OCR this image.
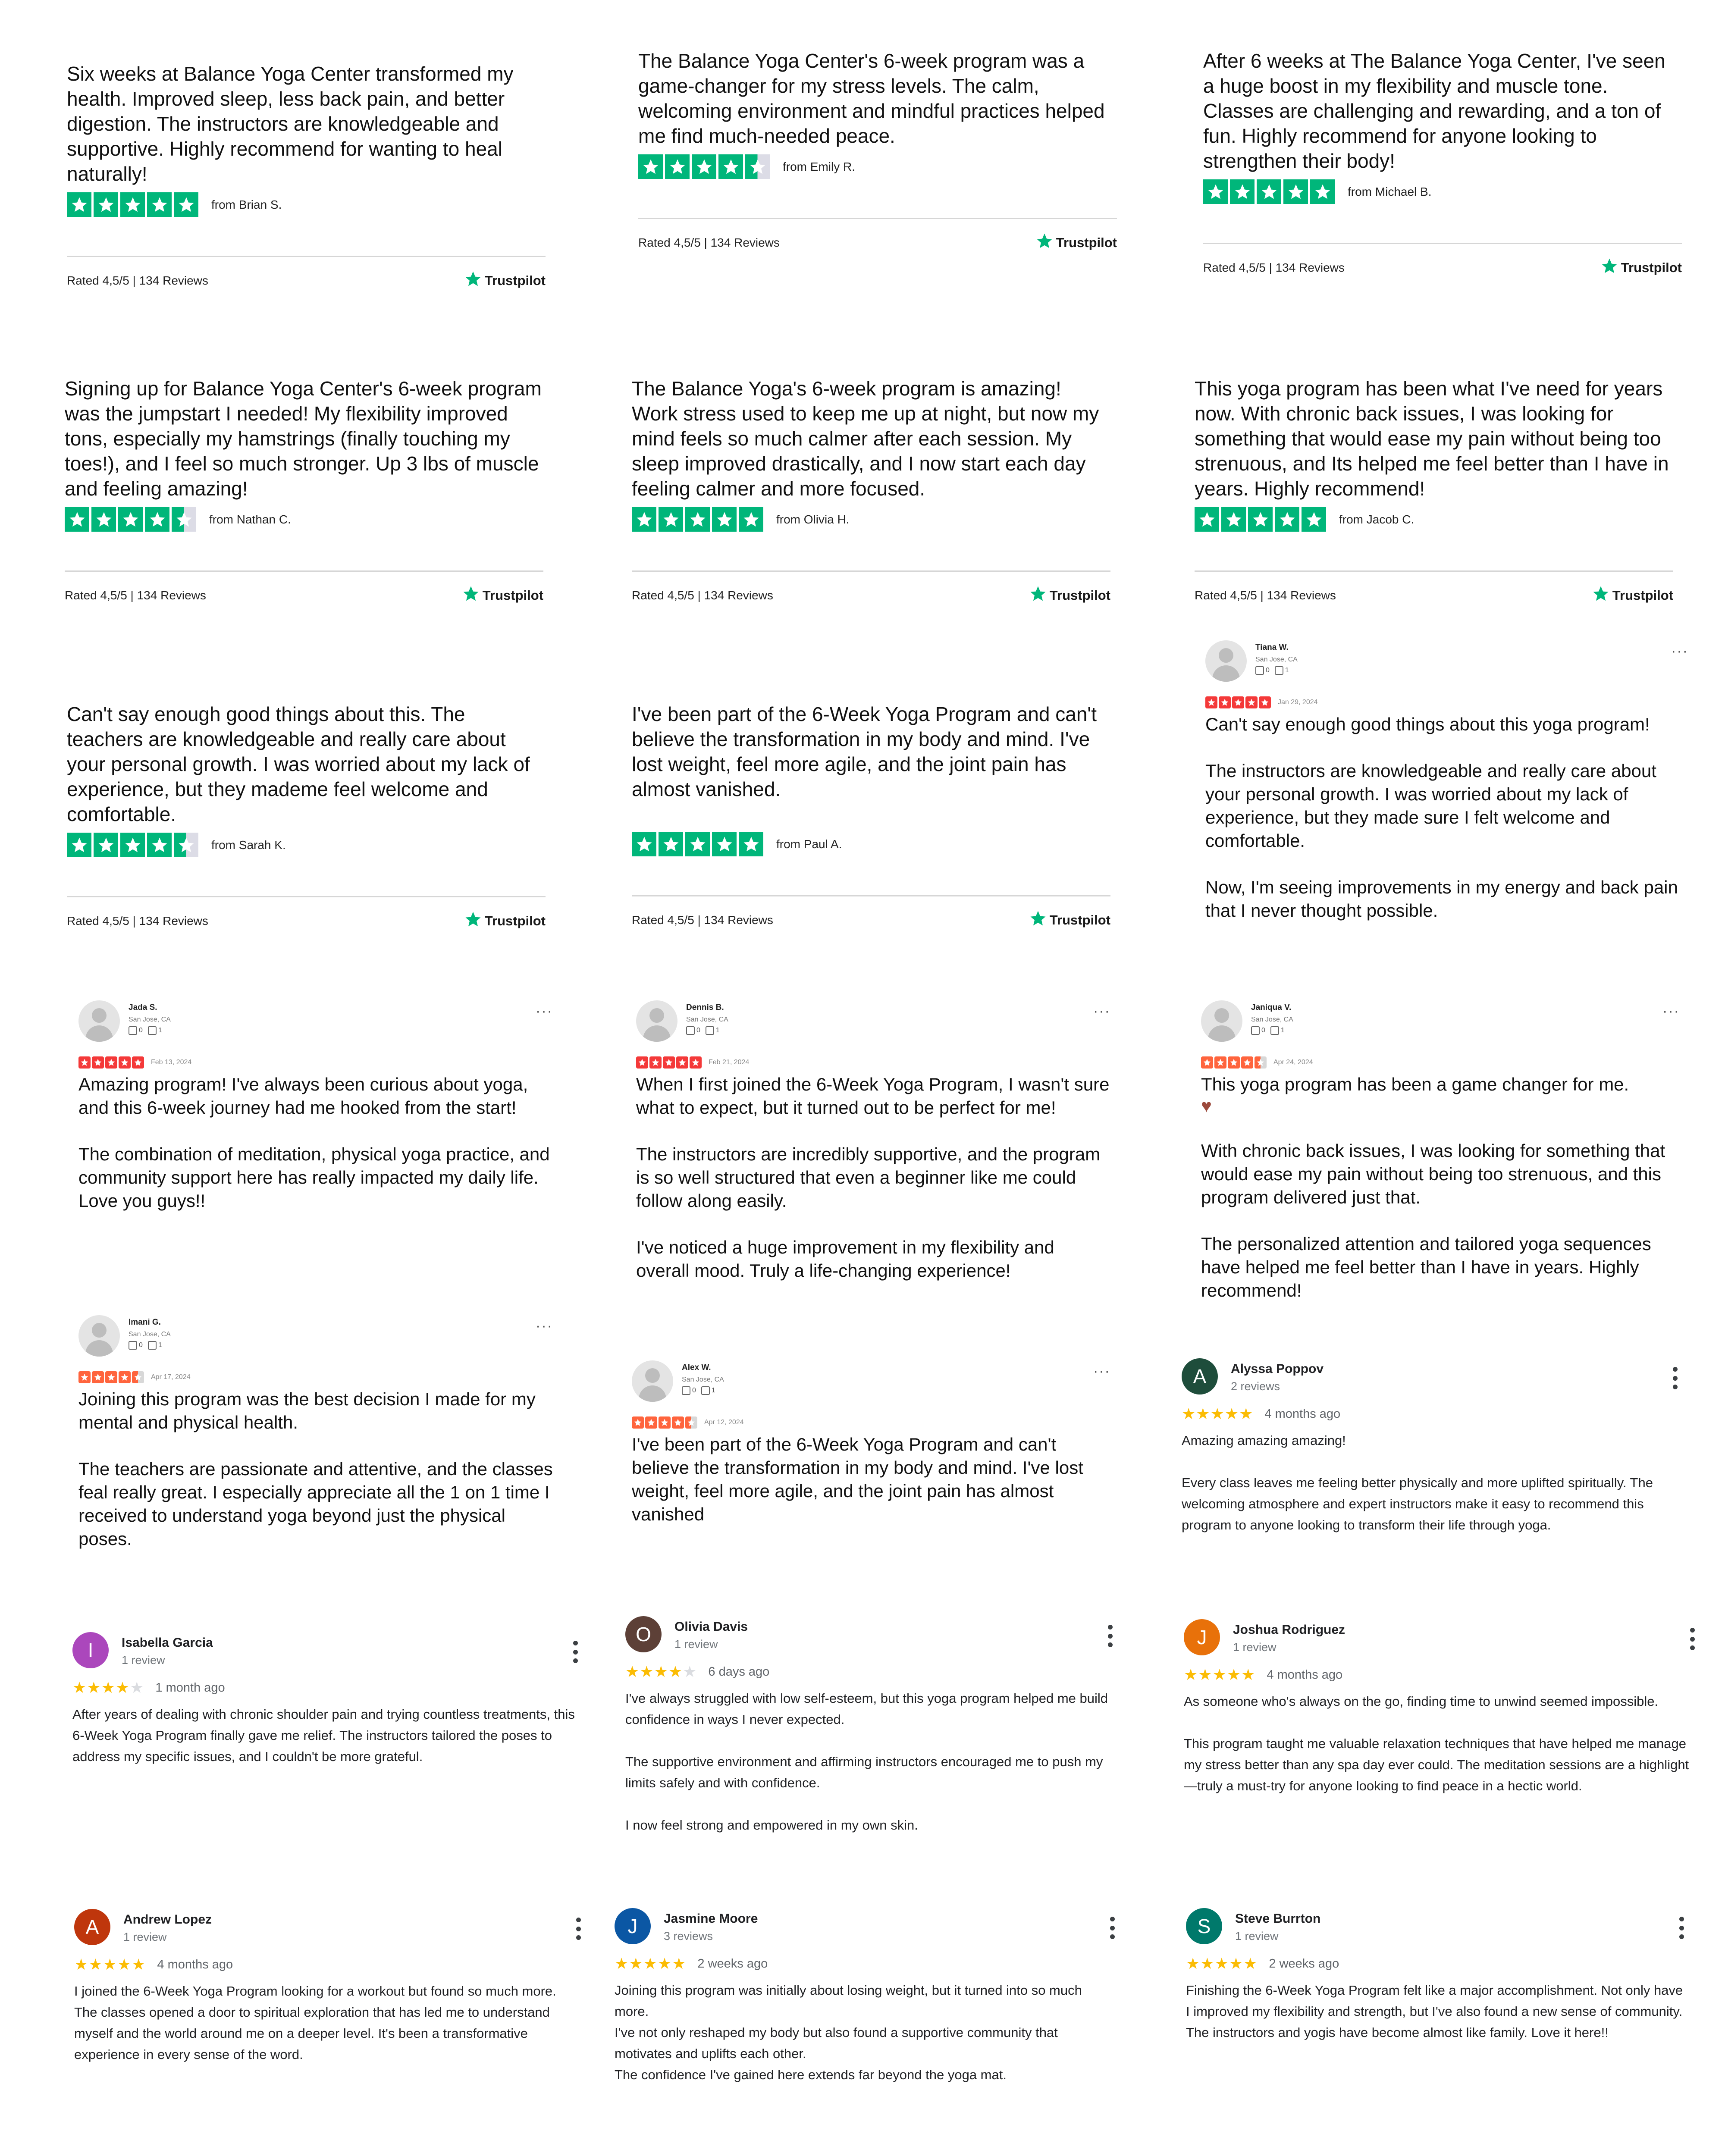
Six weeks at Balance Yoga Center transformed my health. Improved sleep, less back pain, and better digestion. The instructors are knowledgeable and supportive. Highly recommend for wanting to heal naturally!

from Brian S.
Rated 4,5/5 | 134 Reviews	Trustpilot

The Balance Yoga Center's 6-week program was a game-changer for my stress levels. The calm, welcoming environment and mindful practices helped me find much-needed peace.

from Emily R.
Rated 4,5/5 | 134 Reviews	Trustpilot

After 6 weeks at The Balance Yoga Center, I've seen a huge boost in my flexibility and muscle tone. Classes are challenging and rewarding, and a ton of fun. Highly recommend for anyone looking to strengthen their body!

from Michael B.
Rated 4,5/5 | 134 Reviews	Trustpilot

Signing up for Balance Yoga Center's 6-week program was the jumpstart I needed! My flexibility improved tons, especially my hamstrings (finally touching my toes!), and I feel so much stronger. Up 3 lbs of muscle and feeling amazing!

from Nathan C.
Rated 4,5/5 | 134 Reviews	Trustpilot

The Balance Yoga's 6-week program is amazing! Work stress used to keep me up at night, but now my mind feels so much calmer after each session. My sleep improved drastically, and I now start each day feeling calmer and more focused.

from Olivia H.
Rated 4,5/5 | 134 Reviews	Trustpilot

This yoga program has been what I've need for years now. With chronic back issues, I was looking for something that would ease my pain without being too strenuous, and Its helped me feel better than I have in years. Highly recommend!

from Jacob C.
Rated 4,5/5 | 134 Reviews	Trustpilot

Can't say enough good things about this. The teachers are knowledgeable and really care about your personal growth. I was worried about my lack of experience, but they mademe feel welcome and comfortable.

from Sarah K.
Rated 4,5/5 | 134 Reviews	Trustpilot

I've been part of the 6-Week Yoga Program and can't believe the transformation in my body and mind. I've lost weight, feel more agile, and the joint pain has almost vanished.

from Paul A.
Rated 4,5/5 | 134 Reviews	Trustpilot
Tiana W.
San Jose, CA
0	1
···
Jan 29, 2024
Can't say enough good things about this yoga program!

The instructors are knowledgeable and really care about your personal growth. I was worried about my lack of experience, but they made sure I felt welcome and comfortable.

Now, I'm seeing improvements in my energy and back pain that I never thought possible.
Jada S.
San Jose, CA
0	1
···
Feb 13, 2024
Amazing program! I've always been curious about yoga, and this 6-week journey had me hooked from the start!

The combination of meditation, physical yoga practice, and community support here has really impacted my daily life. Love you guys!!
Dennis B.
San Jose, CA
0	1
···
Feb 21, 2024
When I first joined the 6-Week Yoga Program, I wasn't sure what to expect, but it turned out to be perfect for me!

The instructors are incredibly supportive, and the program is so well structured that even a beginner like me could follow along easily.

I've noticed a huge improvement in my flexibility and overall mood. Truly a life-changing experience!
Janiqua V.
San Jose, CA
0	1
···
Apr 24, 2024
This yoga program has been a game changer for me.
♥
With chronic back issues, I was looking for something that would ease my pain without being too strenuous, and this program delivered just that.

The personalized attention and tailored yoga sequences have helped me feel better than I have in years. Highly recommend!
Imani G.
San Jose, CA
0	1
···
Apr 17, 2024
Joining this program was the best decision I made for my mental and physical health.

The teachers are passionate and attentive, and the classes feal really great. I especially appreciate all the 1 on 1 time I received to understand yoga beyond just the physical poses.
Alex W.
San Jose, CA
0	1
···
Apr 12, 2024
I've been part of the 6-Week Yoga Program and can't believe the transformation in my body and mind. I've lost weight, feel more agile, and the joint pain has almost vanished
A	Alyssa Poppov
2 reviews
★★★★★ 4 months ago
Amazing amazing amazing!

Every class leaves me feeling better physically and more uplifted spiritually. The welcoming atmosphere and expert instructors make it easy to recommend this program to anyone looking to transform their life through yoga.
I	Isabella Garcia
1 review
★★★★★ 1 month ago
After years of dealing with chronic shoulder pain and trying countless treatments, this 6-Week Yoga Program finally gave me relief. The instructors tailored the poses to address my specific issues, and I couldn't be more grateful.
O	Olivia Davis
1 review
★★★★★ 6 days ago
I've always struggled with low self-esteem, but this yoga program helped me build confidence in ways I never expected.

The supportive environment and affirming instructors encouraged me to push my limits safely and with confidence.

I now feel strong and empowered in my own skin.
J	Joshua Rodriguez
1 review
★★★★★ 4 months ago
As someone who's always on the go, finding time to unwind seemed impossible.

This program taught me valuable relaxation techniques that have helped me manage my stress better than any spa day ever could. The meditation sessions are a highlight—truly a must-try for anyone looking to find peace in a hectic world.
A	Andrew Lopez
1 review
★★★★★ 4 months ago
I joined the 6-Week Yoga Program looking for a workout but found so much more. The classes opened a door to spiritual exploration that has led me to understand myself and the world around me on a deeper level. It's been a transformative experience in every sense of the word.
J	Jasmine Moore
3 reviews
★★★★★ 2 weeks ago
Joining this program was initially about losing weight, but it turned into so much more.
I've not only reshaped my body but also found a supportive community that motivates and uplifts each other.
The confidence I've gained here extends far beyond the yoga mat.
S	Steve Burrton
1 review
★★★★★ 2 weeks ago
Finishing the 6-Week Yoga Program felt like a major accomplishment. Not only have I improved my flexibility and strength, but I've also found a new sense of community. The instructors and yogis have become almost like family. Love it here!!
